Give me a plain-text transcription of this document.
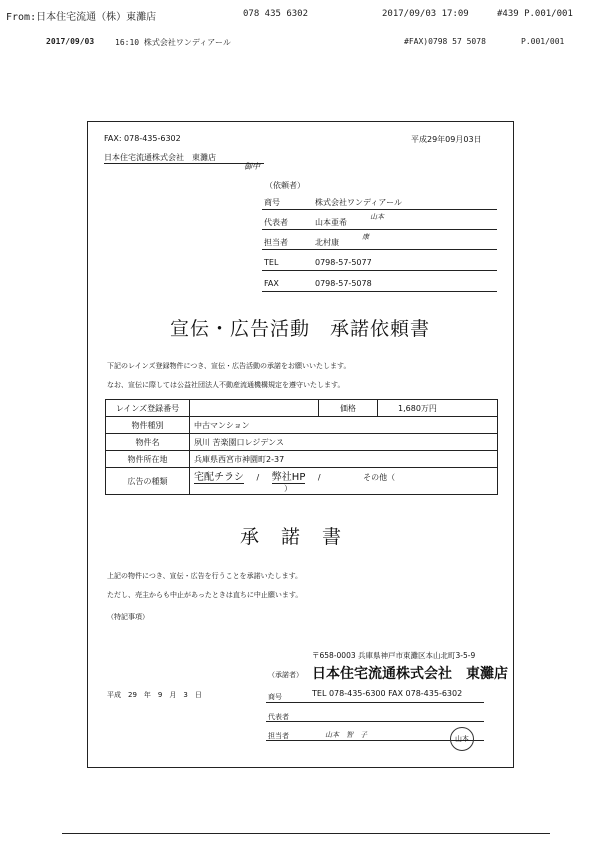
From:日本住宅流通（株）東灘店	078 435 6302	2017/09/03 17:09	#439 P.001/001
2017/09/03	16:10 株式会社ワンディアール	#FAX)0798 57 5078	P.001/001
FAX: 078-435-6302	平成29年09月03日
日本住宅流通株式会社　東灘店
御中
（依頼者）
商号	株式会社ワンディアール
代表者	山本亜希
山本
担当者	北村康
康
TEL	0798-57-5077
FAX	0798-57-5078
宣伝・広告活動　承諾依頼書
下記のレインズ登録物件につき、宣伝・広告活動の承諾をお願いいたします。
なお、宣伝に際しては公益社団法人不動産流通機構規定を遵守いたします。
レインズ登録番号		価格	1,680万円
物件種別	中古マンション		
物件名	夙川 苦楽園口レジデンス		
物件所在地	兵庫県西宮市神園町2-37		
広告の種類	宅配チラシ / 弊社HP / その他（ ）		
承諾書
上記の物件につき、宣伝・広告を行うことを承諾いたします。
ただし、売主からも中止があったときは直ちに中止願います。
（特記事項）
〒658-0003 兵庫県神戸市東灘区本山北町3-5-9
日本住宅流通株式会社　東灘店
（承諾者）
TEL 078-435-6300 FAX 078-435-6302
平成　29　年　9　月　3　日	商号
代表者
担当者	山本　智　子	山本
